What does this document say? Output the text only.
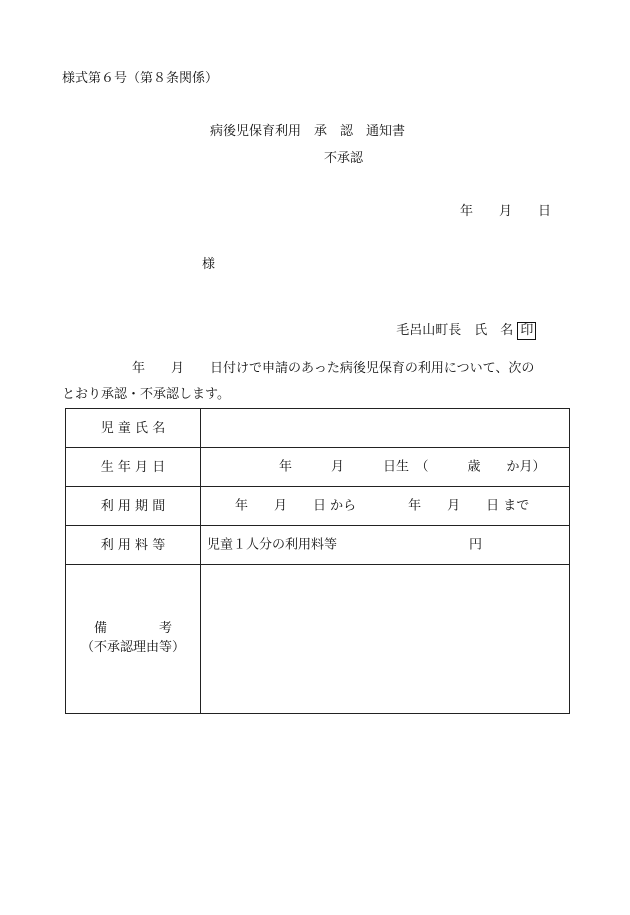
様式第６号（第８条関係）
病後児保育利用　承　認　通知書
不承認
年　　月　　日
様

毛呂山町長　氏　名 印

年　　月　　日付けで申請のあった病後児保育の利用について、次の
とおり承認・不承認します。
児 童 氏 名	

生 年 月 日	年　　　月　　　日生　（　　　歳　　か月）

利 用 期 間	年　　月　　日 から　　　　年　　月　　日 まで

利 用 料 等	児童１人分の利用料等 円

備　　　　考
（不承認理由等）	
